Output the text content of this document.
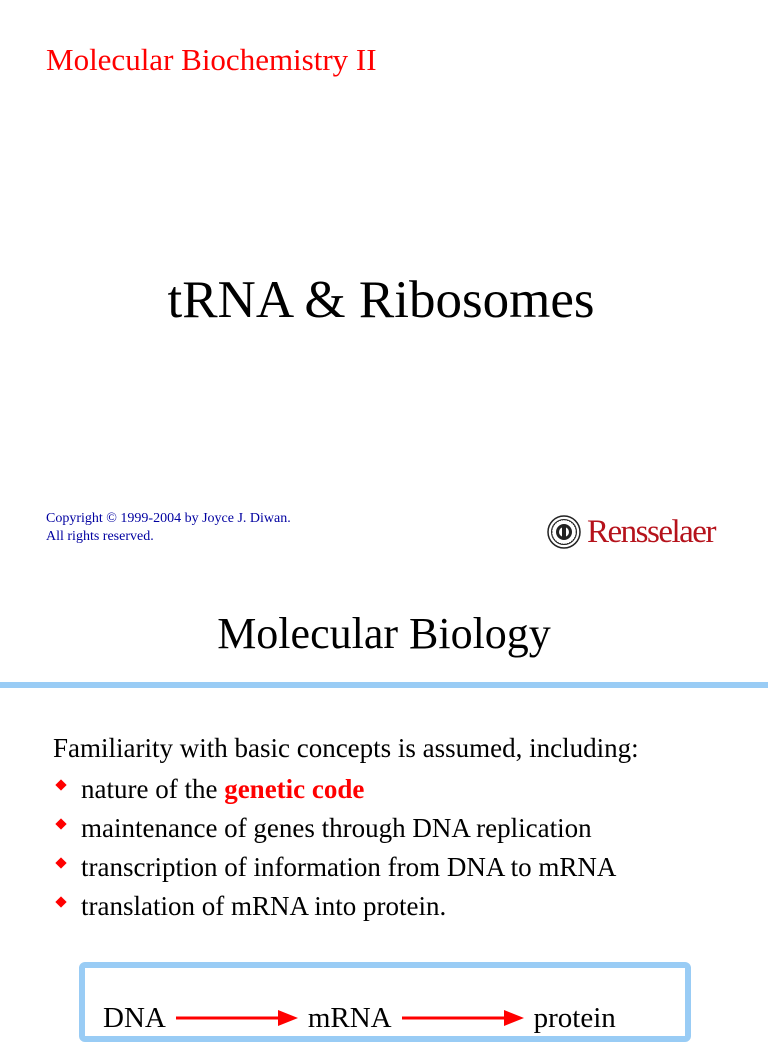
Molecular Biochemistry II
tRNA & Ribosomes
Copyright © 1999-2004 by Joyce J. Diwan.
All rights reserved.	Rensselaer
Molecular Biology
Familiarity with basic concepts is assumed, including:
nature of the genetic code
maintenance of genes through DNA replication
transcription of information from DNA to mRNA
translation of mRNA into protein.
DNA	mRNA	protein
